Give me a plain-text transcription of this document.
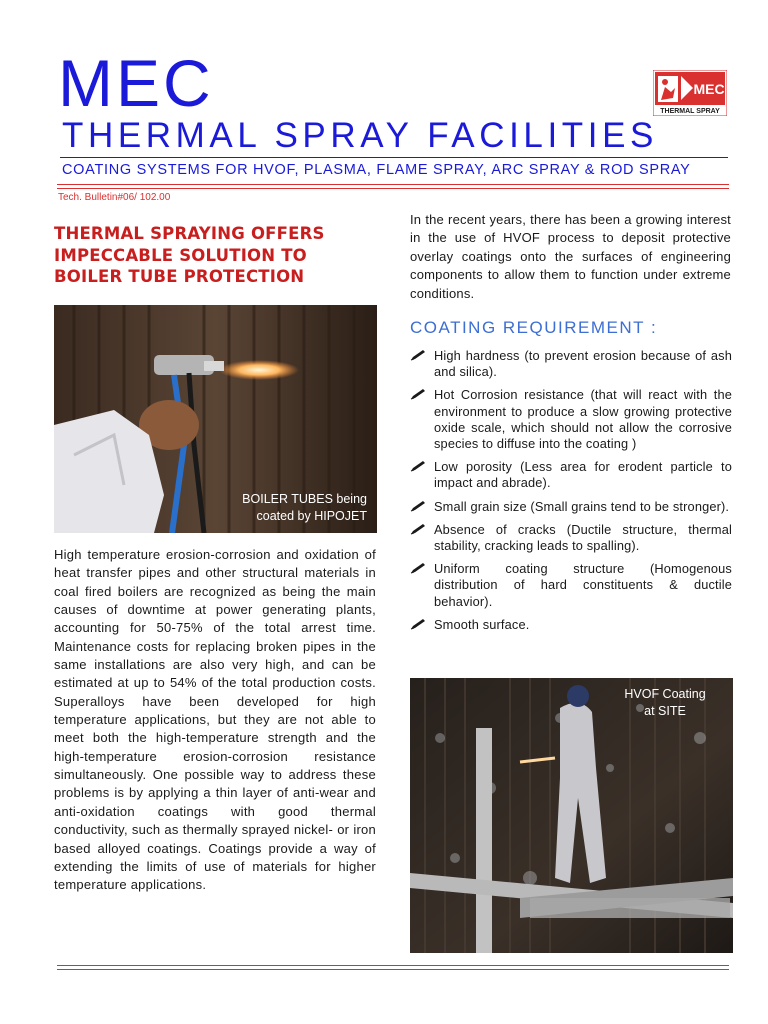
MEC	MEC
THERMAL SPRAY
THERMAL SPRAY FACILITIES
COATING SYSTEMS FOR HVOF, PLASMA, FLAME SPRAY, ARC SPRAY & ROD SPRAY
Tech. Bulletin#06/ 102.00
THERMAL SPRAYING OFFERS
IMPECCABLE SOLUTION TO
BOILER TUBE PROTECTION
BOILER TUBES being
coated by HIPOJET
High temperature erosion-corrosion and oxidation of heat transfer pipes and other structural materials in coal fired boilers are recognized as being the main causes of downtime at power generating plants, accounting for 50-75% of the total arrest time. Maintenance costs for replacing broken pipes in the same installations are also very high, and can be estimated at up to 54% of the total production costs. Superalloys have been developed for high temperature applications, but they are not able to meet both the high-temperature strength and the high-temperature erosion-corrosion resistance simultaneously. One possible way to address these problems is by applying a thin layer of anti-wear and anti-oxidation coatings with good thermal conductivity, such as thermally sprayed nickel- or iron based alloyed coatings. Coatings provide a way of extending the limits of use of materials for higher temperature applications.
In the recent years, there has been a growing interest in the use of HVOF process to deposit protective overlay coatings onto the surfaces of engineering components to allow them to function under extreme conditions.
COATING REQUIREMENT :
High hardness (to prevent erosion because of ash and silica).
Hot Corrosion resistance (that will react with the environment to produce a slow growing protective oxide scale, which should not allow the corrosive species to diffuse into the coating )
Low porosity (Less area for erodent particle to impact and abrade).
Small grain size (Small grains tend to be stronger).
Absence of cracks (Ductile structure, thermal stability, cracking leads to spalling).
Uniform coating structure (Homogenous distribution of hard constituents & ductile behavior).
Smooth surface.
HVOF Coating
at SITE
